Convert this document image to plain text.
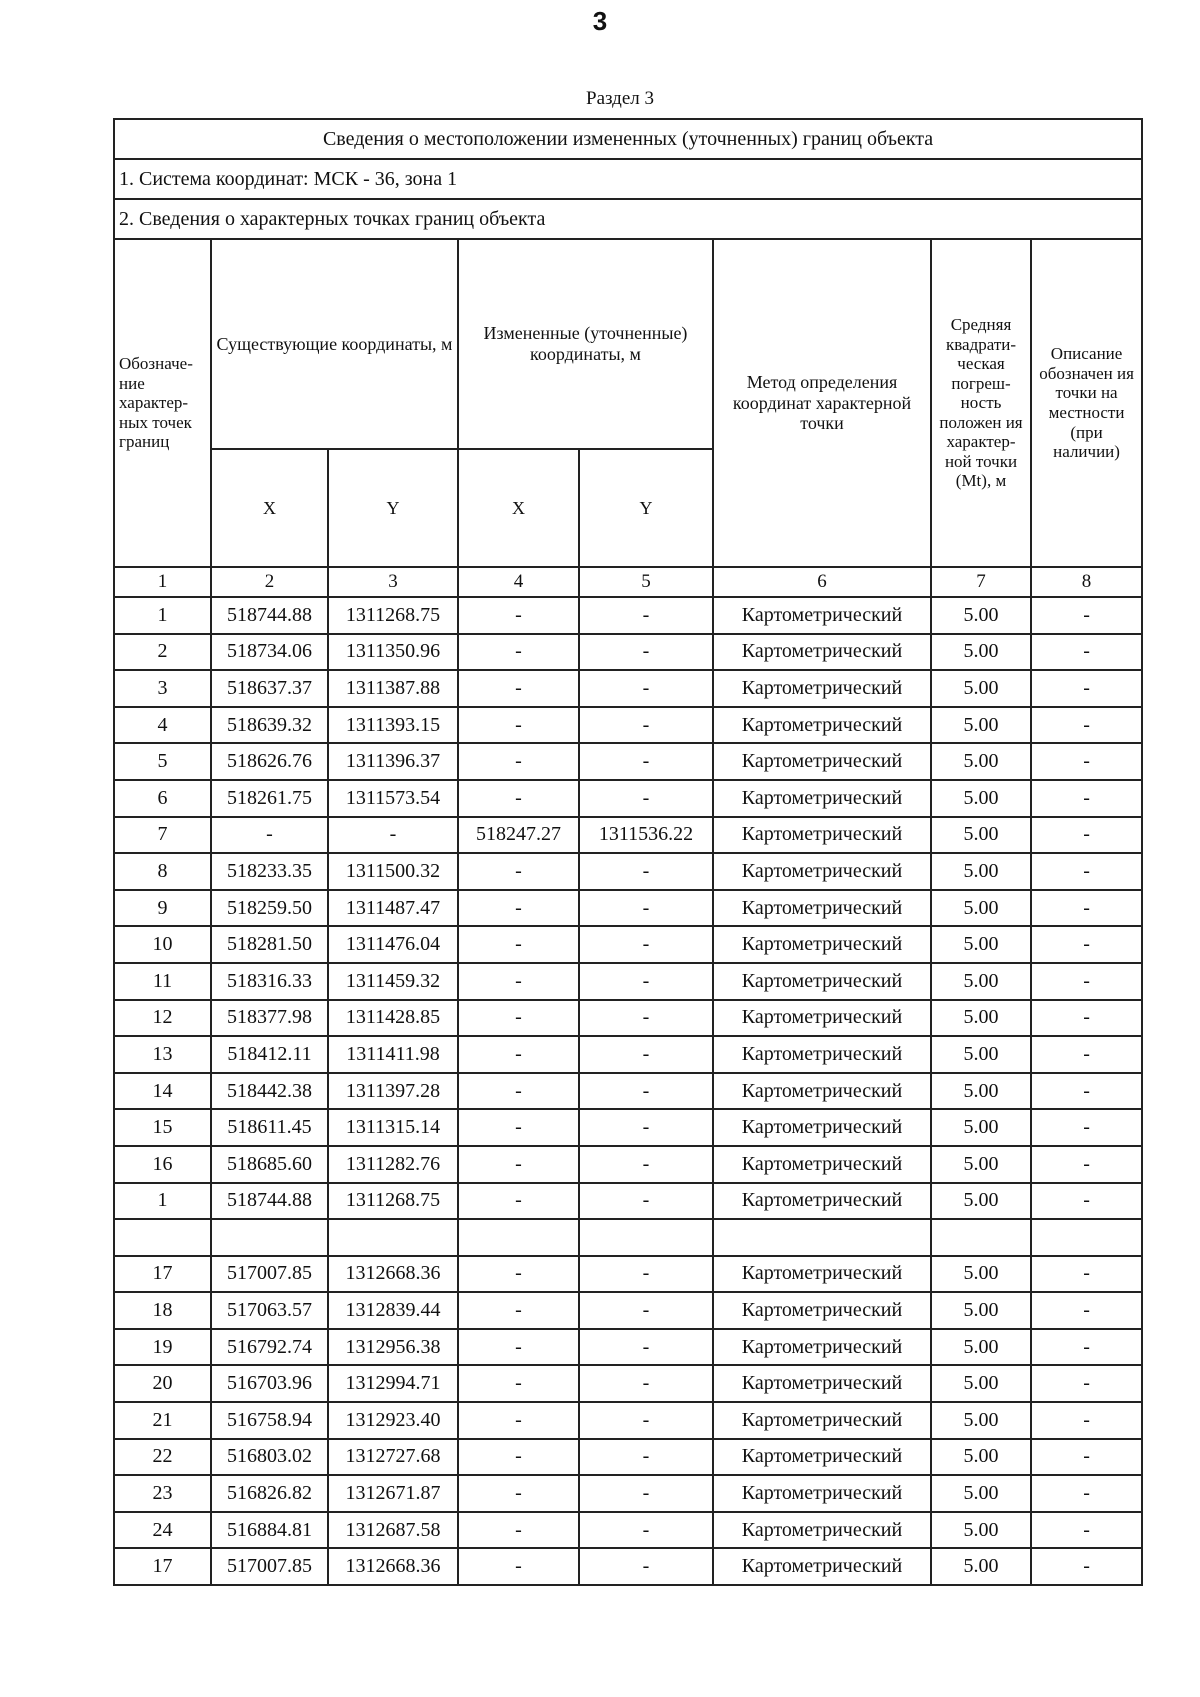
3
Раздел 3
Сведения о местоположении измененных (уточненных) границ объекта							
1. Система координат: МСК - 36, зона 1							
2. Сведения о характерных точках границ объекта							
Обозначе-ние характер-ных точек границ	Существующие координаты, м		Измененные (уточненные) координаты, м		Метод определения координат характерной точки	Средняя квадрати-ческая погреш-ность положен ия характер-ной точки (Mt), м	Описание обозначен ия точки на местности (при наличии)
	X	Y	X	Y			
1	2	3	4	5	6	7	8
1	518744.88	1311268.75	-	-	Картометрический	5.00	-
2	518734.06	1311350.96	-	-	Картометрический	5.00	-
3	518637.37	1311387.88	-	-	Картометрический	5.00	-
4	518639.32	1311393.15	-	-	Картометрический	5.00	-
5	518626.76	1311396.37	-	-	Картометрический	5.00	-
6	518261.75	1311573.54	-	-	Картометрический	5.00	-
7	-	-	518247.27	1311536.22	Картометрический	5.00	-
8	518233.35	1311500.32	-	-	Картометрический	5.00	-
9	518259.50	1311487.47	-	-	Картометрический	5.00	-
10	518281.50	1311476.04	-	-	Картометрический	5.00	-
11	518316.33	1311459.32	-	-	Картометрический	5.00	-
12	518377.98	1311428.85	-	-	Картометрический	5.00	-
13	518412.11	1311411.98	-	-	Картометрический	5.00	-
14	518442.38	1311397.28	-	-	Картометрический	5.00	-
15	518611.45	1311315.14	-	-	Картометрический	5.00	-
16	518685.60	1311282.76	-	-	Картометрический	5.00	-
1	518744.88	1311268.75	-	-	Картометрический	5.00	-

17	517007.85	1312668.36	-	-	Картометрический	5.00	-
18	517063.57	1312839.44	-	-	Картометрический	5.00	-
19	516792.74	1312956.38	-	-	Картометрический	5.00	-
20	516703.96	1312994.71	-	-	Картометрический	5.00	-
21	516758.94	1312923.40	-	-	Картометрический	5.00	-
22	516803.02	1312727.68	-	-	Картометрический	5.00	-
23	516826.82	1312671.87	-	-	Картометрический	5.00	-
24	516884.81	1312687.58	-	-	Картометрический	5.00	-
17	517007.85	1312668.36	-	-	Картометрический	5.00	-
